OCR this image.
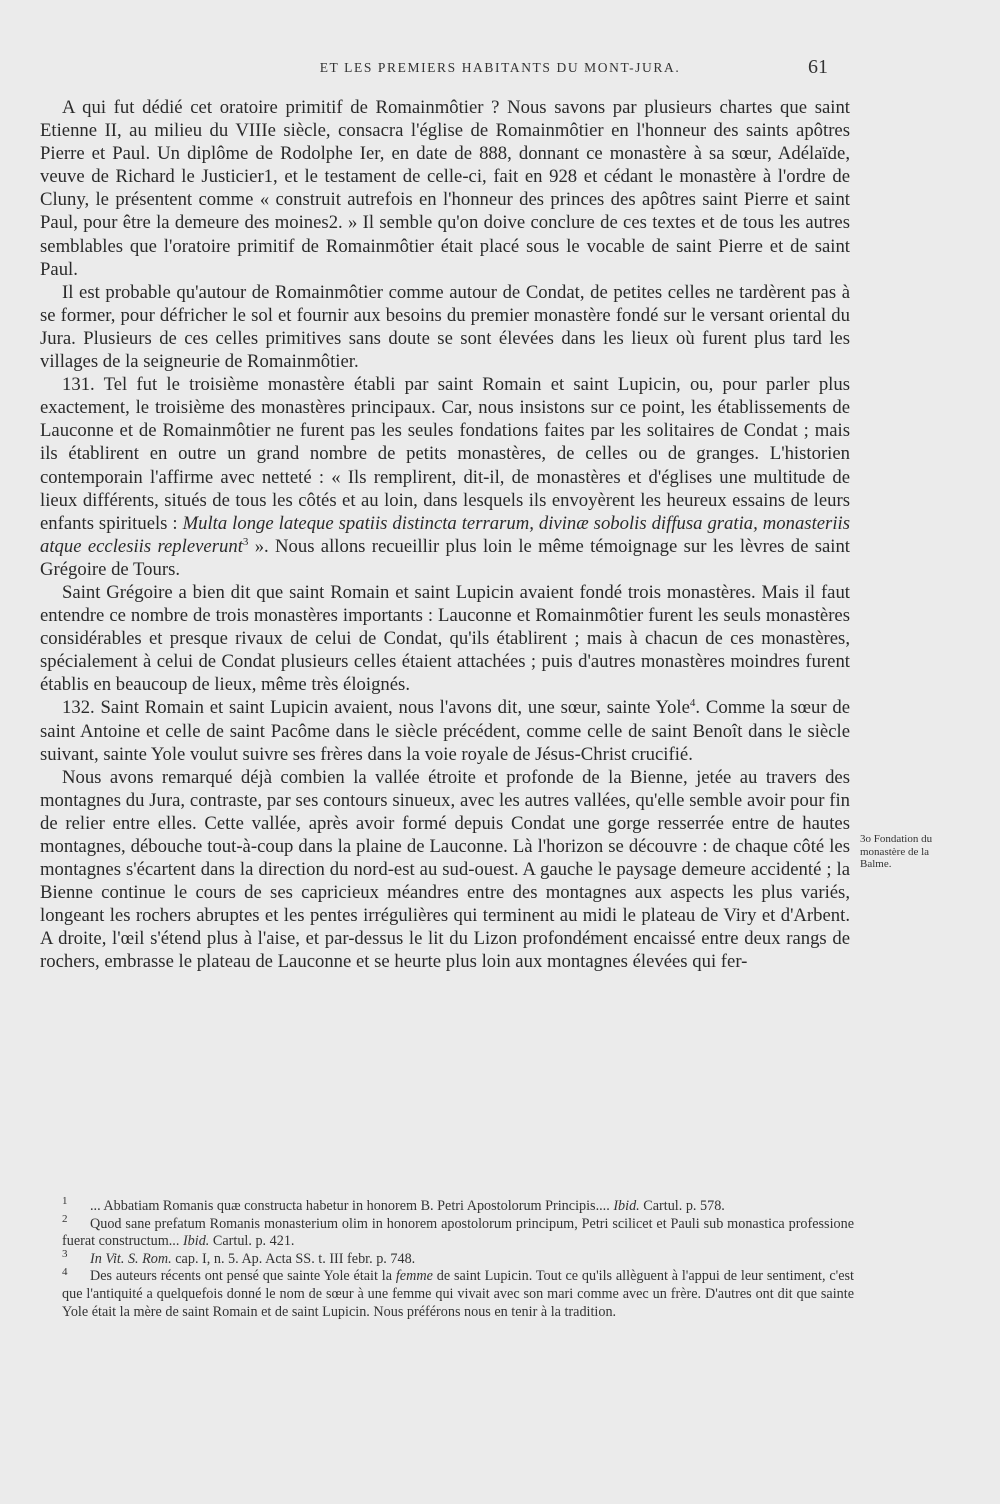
ET LES PREMIERS HABITANTS DU MONT-JURA.	61

A qui fut dédié cet oratoire primitif de Romainmôtier ? Nous savons par plusieurs chartes que saint Etienne II, au milieu du VIIIe siècle, consacra l'église de Romainmôtier en l'honneur des saints apôtres Pierre et Paul. Un diplôme de Rodolphe Ier, en date de 888, donnant ce monastère à sa sœur, Adélaïde, veuve de Richard le Justicier1, et le testament de celle-ci, fait en 928 et cédant le monastère à l'ordre de Cluny, le présentent comme « construit autrefois en l'honneur des princes des apôtres saint Pierre et saint Paul, pour être la demeure des moines2. » Il semble qu'on doive conclure de ces textes et de tous les autres semblables que l'oratoire primitif de Romainmôtier était placé sous le vocable de saint Pierre et de saint Paul.

Il est probable qu'autour de Romainmôtier comme autour de Condat, de petites celles ne tardèrent pas à se former, pour défricher le sol et fournir aux besoins du premier monastère fondé sur le versant oriental du Jura. Plusieurs de ces celles primitives sans doute se sont élevées dans les lieux où furent plus tard les villages de la seigneurie de Romainmôtier.

131. Tel fut le troisième monastère établi par saint Romain et saint Lupicin, ou, pour parler plus exactement, le troisième des monastères principaux. Car, nous insistons sur ce point, les établissements de Lauconne et de Romainmôtier ne furent pas les seules fondations faites par les solitaires de Condat ; mais ils établirent en outre un grand nombre de petits monastères, de celles ou de granges. L'historien contemporain l'affirme avec netteté : « Ils remplirent, dit-il, de monastères et d'églises une multitude de lieux différents, situés de tous les côtés et au loin, dans lesquels ils envoyèrent les heureux essains de leurs enfants spirituels : Multa longe lateque spatiis distincta terrarum, divinæ sobolis diffusa gratia, monasteriis atque ecclesiis repleverunt$^3$ ». Nous allons recueillir plus loin le même témoignage sur les lèvres de saint Grégoire de Tours.

Saint Grégoire a bien dit que saint Romain et saint Lupicin avaient fondé trois monastères. Mais il faut entendre ce nombre de trois monastères importants : Lauconne et Romainmôtier furent les seuls monastères considérables et presque rivaux de celui de Condat, qu'ils établirent ; mais à chacun de ces monastères, spécialement à celui de Condat plusieurs celles étaient attachées ; puis d'autres monastères moindres furent établis en beaucoup de lieux, même très éloignés.

132. Saint Romain et saint Lupicin avaient, nous l'avons dit, une sœur, sainte Yole$^4$. Comme la sœur de saint Antoine et celle de saint Pacôme dans le siècle précédent, comme celle de saint Benoît dans le siècle suivant, sainte Yole voulut suivre ses frères dans la voie royale de Jésus-Christ crucifié.

Nous avons remarqué déjà combien la vallée étroite et profonde de la Bienne, jetée au travers des montagnes du Jura, contraste, par ses contours sinueux, avec les autres vallées, qu'elle semble avoir pour fin de relier entre elles. Cette vallée, après avoir formé depuis Condat une gorge resserrée entre de hautes montagnes, débouche tout-à-coup dans la plaine de Lauconne. Là l'horizon se découvre : de chaque côté les montagnes s'écartent dans la direction du nord-est au sud-ouest. A gauche le paysage demeure accidenté ; la Bienne continue le cours de ses capricieux méandres entre des montagnes aux aspects les plus variés, longeant les rochers abruptes et les pentes irrégulières qui terminent au midi le plateau de Viry et d'Arbent. A droite, l'œil s'étend plus à l'aise, et par-dessus le lit du Lizon profondément encaissé entre deux rangs de rochers, embrasse le plateau de Lauconne et se heurte plus loin aux montagnes élevées qui fer-

3o Fondation du monastère de la Balme.

1 ... Abbatiam Romanis quæ constructa habetur in honorem B. Petri Apostolorum Principis.... Ibid. Cartul. p. 578.

2 Quod sane prefatum Romanis monasterium olim in honorem apostolorum principum, Petri scilicet et Pauli sub monastica professione fuerat constructum... Ibid. Cartul. p. 421.

3 In Vit. S. Rom. cap. I, n. 5. Ap. Acta SS. t. III febr. p. 748.

4 Des auteurs récents ont pensé que sainte Yole était la femme de saint Lupicin. Tout ce qu'ils allèguent à l'appui de leur sentiment, c'est que l'antiquité a quelquefois donné le nom de sœur à une femme qui vivait avec son mari comme avec un frère. D'autres ont dit que sainte Yole était la mère de saint Romain et de saint Lupicin. Nous préférons nous en tenir à la tradition.
